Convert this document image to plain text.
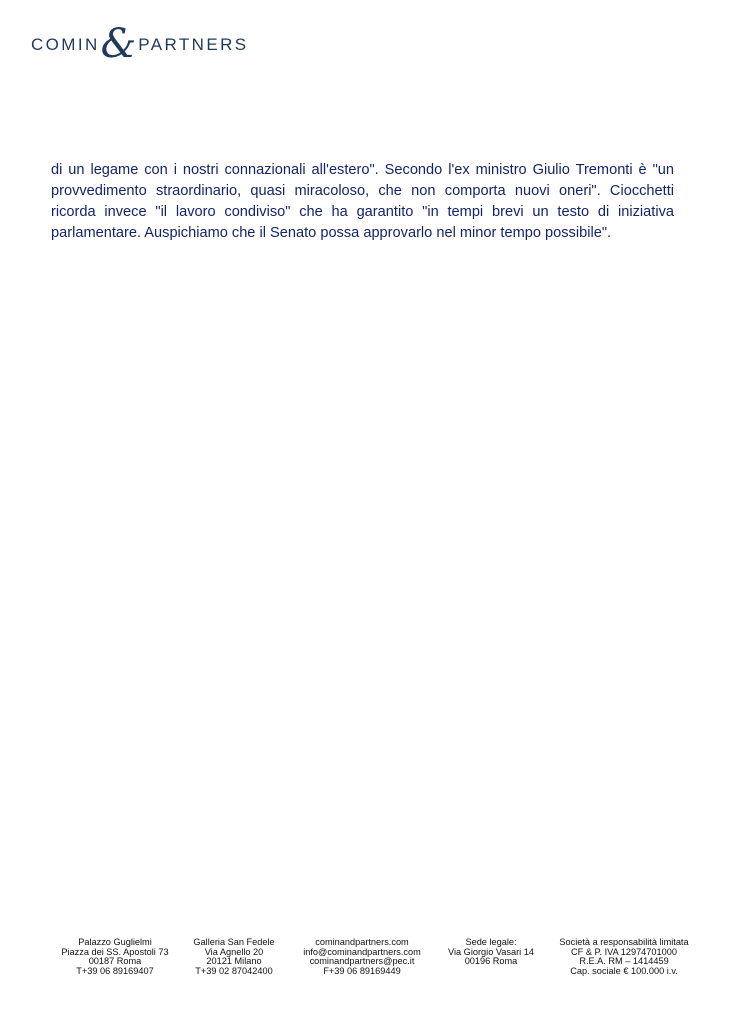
COMIN & PARTNERS

di un legame con i nostri connazionali all'estero". Secondo l'ex ministro Giulio Tremonti è "un provvedimento straordinario, quasi miracoloso, che non comporta nuovi oneri". Ciocchetti ricorda invece "il lavoro condiviso" che ha garantito "in tempi brevi un testo di iniziativa parlamentare. Auspichiamo che il Senato possa approvarlo nel minor tempo possibile".

Palazzo Guglielmi
Piazza dei SS. Apostoli 73
00187 Roma
T+39 06 89169407
Galleria San Fedele
Via Agnello 20
20121 Milano
T+39 02 87042400
cominandpartners.com
info@cominandpartners.com
cominandpartners@pec.it
F+39 06 89169449
Sede legale:
Via Giorgio Vasari 14
00196 Roma
Società a responsabilità limitata
CF & P. IVA 12974701000
R.E.A. RM – 1414459
Cap. sociale € 100.000 i.v.
